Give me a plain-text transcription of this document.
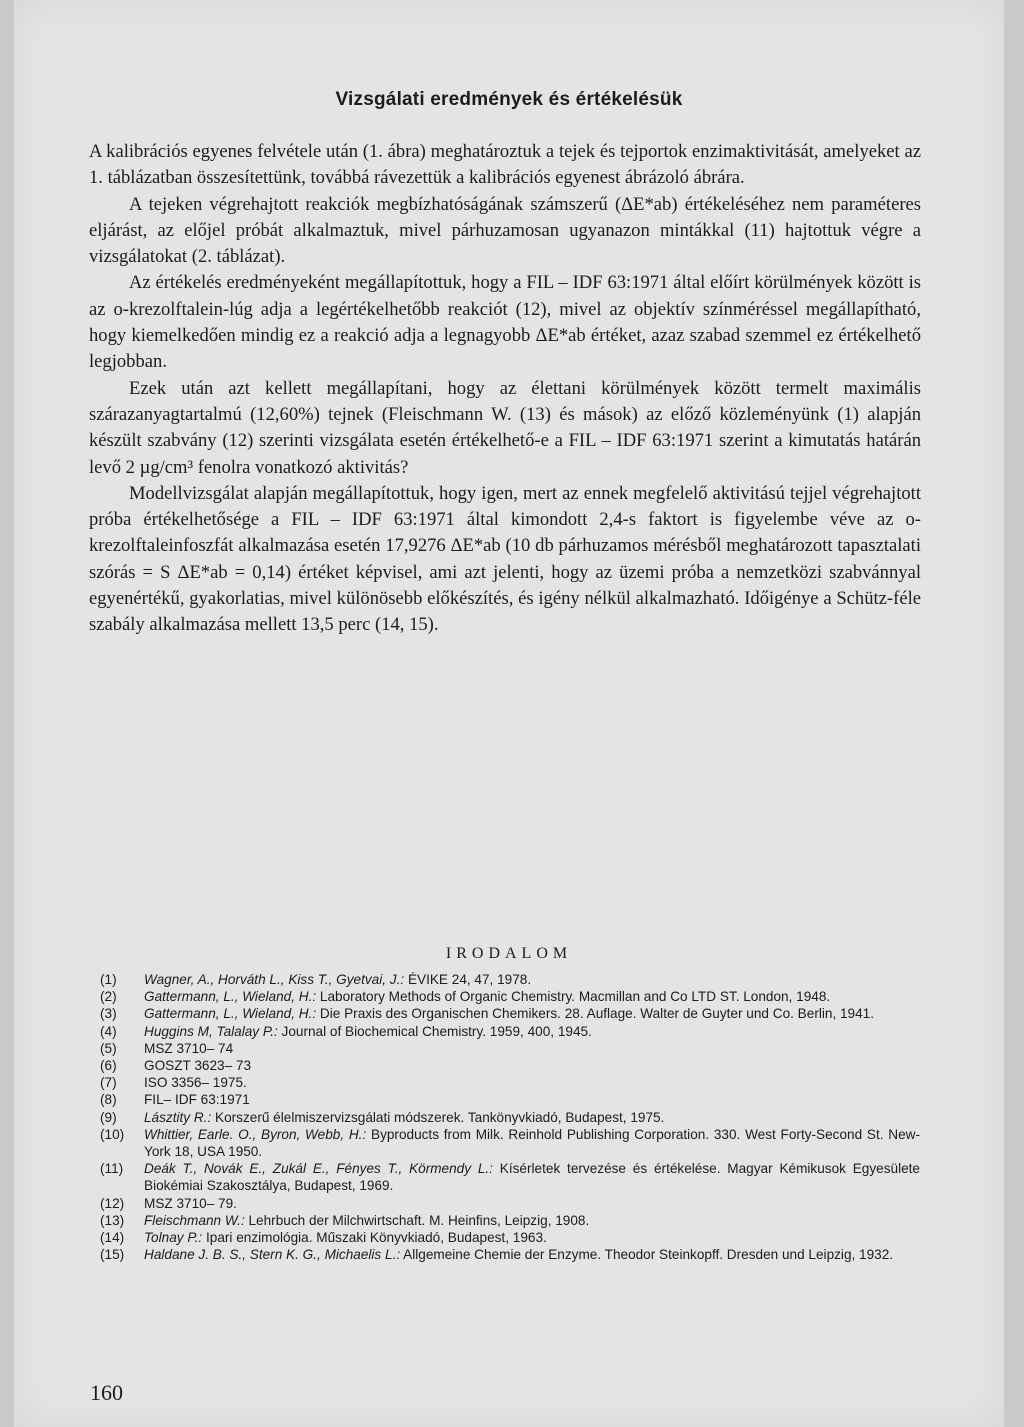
Vizsgálati eredmények és értékelésük

A kalibrációs egyenes felvétele után (1. ábra) meghatároztuk a tejek és tejportok enzimaktivitását, amelyeket az 1. táblázatban összesítettünk, továbbá rávezettük a kalibrációs egyenest ábrázoló ábrára.

A tejeken végrehajtott reakciók megbízhatóságának számszerű (ΔE*ab) értékeléséhez nem paraméteres eljárást, az előjel próbát alkalmaztuk, mivel párhuzamosan ugyanazon mintákkal (11) hajtottuk végre a vizsgálatokat (2. táblázat).

Az értékelés eredményeként megállapítottuk, hogy a FIL – IDF 63:1971 által előírt körülmények között is az o-krezolftalein-lúg adja a legértékelhetőbb reakciót (12), mivel az objektív színméréssel megállapítható, hogy kiemelkedően mindig ez a reakció adja a legnagyobb ΔE*ab értéket, azaz szabad szemmel ez értékelhető legjobban.

Ezek után azt kellett megállapítani, hogy az élettani körülmények között termelt maximális szárazanyagtartalmú (12,60%) tejnek (Fleischmann W. (13) és mások) az előző közleményünk (1) alapján készült szabvány (12) szerinti vizsgálata esetén értékelhető-e a FIL – IDF 63:1971 szerint a kimutatás határán levő 2 µg/cm³ fenolra vonatkozó aktivitás?

Modellvizsgálat alapján megállapítottuk, hogy igen, mert az ennek megfelelő aktivitású tejjel végrehajtott próba értékelhetősége a FIL – IDF 63:1971 által kimondott 2,4-s faktort is figyelembe véve az o-krezolftaleinfoszfát alkalmazása esetén 17,9276 ΔE*ab (10 db párhuzamos mérésből meghatározott tapasztalati szórás = S ΔE*ab = 0,14) értéket képvisel, ami azt jelenti, hogy az üzemi próba a nemzetközi szabvánnyal egyenértékű, gyakorlatias, mivel különösebb előkészítés, és igény nélkül alkalmazható. Időigénye a Schütz-féle szabály alkalmazása mellett 13,5 perc (14, 15).

IRODALOM
(1) Wagner, A., Horváth L., Kiss T., Gyetvai, J.: ÉVIKE 24, 47, 1978.
(2) Gattermann, L., Wieland, H.: Laboratory Methods of Organic Chemistry. Macmillan and Co LTD ST. London, 1948.
(3) Gattermann, L., Wieland, H.: Die Praxis des Organischen Chemikers. 28. Auflage. Walter de Guyter und Co. Berlin, 1941.
(4) Huggins M, Talalay P.: Journal of Biochemical Chemistry. 1959, 400, 1945.
(5) MSZ 3710– 74
(6) GOSZT 3623– 73
(7) ISO 3356– 1975.
(8) FIL– IDF 63:1971
(9) Lásztity R.: Korszerű élelmiszervizsgálati módszerek. Tankönyvkiadó, Budapest, 1975.
(10) Whittier, Earle. O., Byron, Webb, H.: Byproducts from Milk. Reinhold Publishing Corporation. 330. West Forty-Second St. New-York 18, USA 1950.
(11) Deák T., Novák E., Zukál E., Fényes T., Körmendy L.: Kísérletek tervezése és értékelése. Magyar Kémikusok Egyesülete Biokémiai Szakosztálya, Budapest, 1969.
(12) MSZ 3710– 79.
(13) Fleischmann W.: Lehrbuch der Milchwirtschaft. M. Heinfins, Leipzig, 1908.
(14) Tolnay P.: Ipari enzimológia. Műszaki Könyvkiadó, Budapest, 1963.
(15) Haldane J. B. S., Stern K. G., Michaelis L.: Allgemeine Chemie der Enzyme. Theodor Steinkopff. Dresden und Leipzig, 1932.
160
